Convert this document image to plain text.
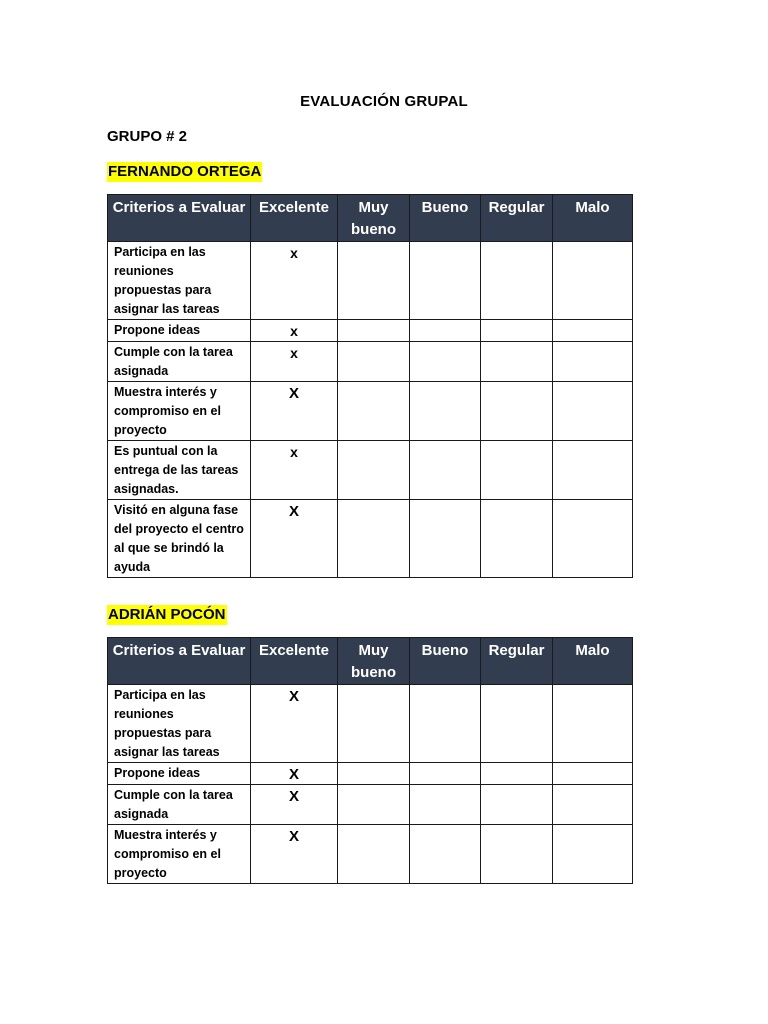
EVALUACIÓN GRUPAL
GRUPO # 2
FERNANDO ORTEGA
Criterios a Evaluar	Excelente	Muy bueno	Bueno	Regular	Malo
Participa en las reuniones propuestas para asignar las tareas	x				
Propone ideas	x				
Cumple con la tarea asignada	x				
Muestra interés y compromiso en el proyecto	X				
Es puntual con la entrega de las tareas asignadas.	x				
Visitó en alguna fase del proyecto el centro al que se brindó la ayuda	X				
ADRIÁN POCÓN
Criterios a Evaluar	Excelente	Muy bueno	Bueno	Regular	Malo
Participa en las reuniones propuestas para asignar las tareas	X				
Propone ideas	X				
Cumple con la tarea asignada	X				
Muestra interés y compromiso en el proyecto	X				
